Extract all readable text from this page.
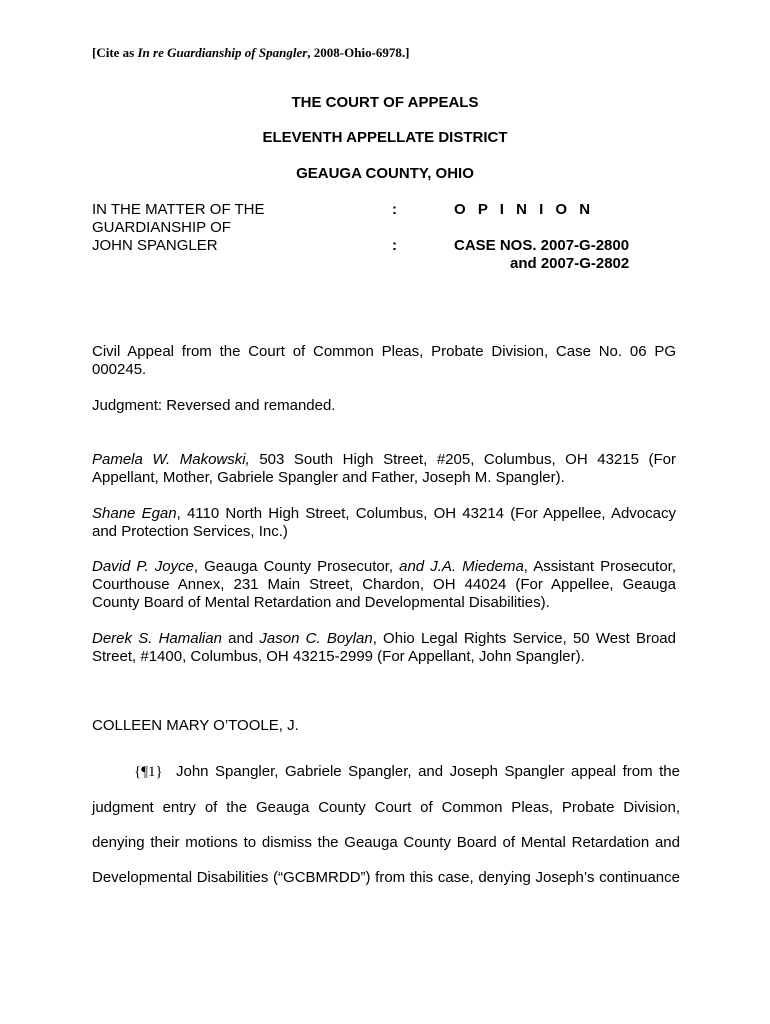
[Cite as In re Guardianship of Spangler, 2008-Ohio-6978.]
THE COURT OF APPEALS
ELEVENTH APPELLATE DISTRICT
GEAUGA COUNTY, OHIO
IN THE MATTER OF THE
GUARDIANSHIP OF
JOHN SPANGLER
:
:
O P I N I O N
CASE NOS. 2007-G-2800
and 2007-G-2802
Civil Appeal from the Court of Common Pleas, Probate Division, Case No. 06 PG 000245.
Judgment: Reversed and remanded.
Pamela W. Makowski, 503 South High Street, #205, Columbus, OH 43215 (For Appellant, Mother, Gabriele Spangler and Father, Joseph M. Spangler).
Shane Egan, 4110 North High Street, Columbus, OH 43214 (For Appellee, Advocacy and Protection Services, Inc.)
David P. Joyce, Geauga County Prosecutor, and J.A. Miedema, Assistant Prosecutor, Courthouse Annex, 231 Main Street, Chardon, OH 44024 (For Appellee, Geauga County Board of Mental Retardation and Developmental Disabilities).
Derek S. Hamalian and Jason C. Boylan, Ohio Legal Rights Service, 50 West Broad Street, #1400, Columbus, OH 43215-2999 (For Appellant, John Spangler).
COLLEEN MARY O’TOOLE, J.
{¶1} John Spangler, Gabriele Spangler, and Joseph Spangler appeal from the
judgment entry of the Geauga County Court of Common Pleas, Probate Division,
denying their motions to dismiss the Geauga County Board of Mental Retardation and
Developmental Disabilities (“GCBMRDD”) from this case, denying Joseph’s continuance
